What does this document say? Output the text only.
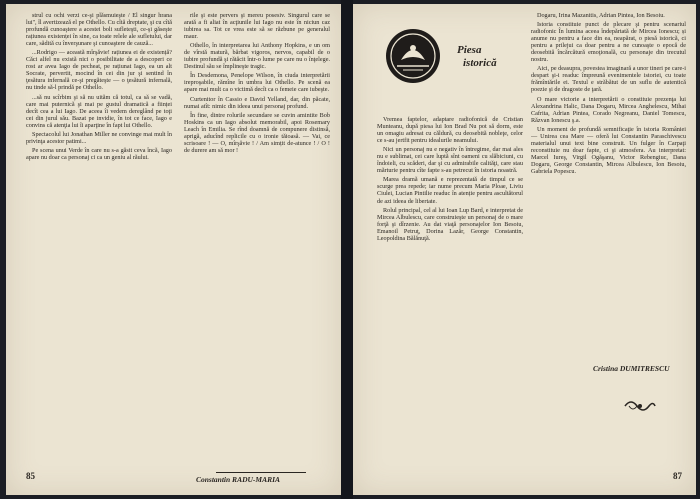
strul cu ochi verzi ce-şi plăsmuieşte / El singur hrana lui", îl avertizează el pe Othello. Cu cîtă dreptate, şi cu cîtă profundă cunoaştere a acestei boli sufleteşti, ce-şi găseşte rațiunea existenței în sine, ca toate relele ale sufletului, dar care, sădită cu înverşunare şi cunoaştere de cauză...

...Rodrigo — această mîrşăvie! rațiunea ei de existență? Căci alfel nu există nici o posibilitate de a descoperi ce rost ar avea Iago de pecheat, pe rațiunat Iago, ea un alt Socrate, pervertit, mocind în cei din jur şi sentind în ţesătura infernală ce-şi pregăteşte — o ţesătură infernală, nu tinde să-l prindă pe Othello.

...să nu scîrbim şi să nu uităm că totul, ca să se vadă, care mai puternică şi mai pe gustul dramatică a ființei decît cea a lui Iago. De aceea îi vedem dereglând pe toţi cei din jurul său. Bazat pe invidie, în tot ce face, Iago e convins că atenţia lui îi aparţine în fapt lui Othello.

Spectacolul lui Jonathan Miller ne convinge mai mult în privinţa acestor patimi...

Pe scena unui Verde în care nu s-a găsit ceva încă, Iago apare nu doar ca personaj ci ca un geniu al răului.

rile şi este pervers şi mereu posesiv. Singurul care se arată a fi aliat în acţiunile lui Iago nu este în niciun caz iubirea sa. Tot ce vrea este să se răzbune pe generalul maur.

Othello, în interpretarea lui Anthony Hopkins, e un om de vîrstă matură, bărbat vigoros, nervos, capabil de o iubire profundă şi rătăcit într-o lume pe care nu o înţelege. Destinul său se împlineşte tragic.

În Desdemona, Penelope Wilson, în ciuda interpretării ireproşabile, rămîne în umbra lui Othello. Pe scenă ea apare mai mult ca o victimă decît ca o femeie care iubeşte.

Curtenitor în Cassio e David Yelland, dar, din păcate, numai atît: nimic din ideea unui personaj profund.

În fine, dintre rolurile secundare se cuvin amintite Bob Hoskins ca un Iago absolut memorabil, apoi Rosemary Leach în Emilia. Se rînd doamnă de compunere distinsă, aprigă, aducînd replicile cu o ironie tăioasă. — Vai, ce scrisoare ! — O, mîrşăvie ! / Am simțit de-atunce ! / O ! de durere am să mor !

Constantin RADU-MARIA
85
Piesa
istorică

Vremea faptelor, adaptare radiofonică de Cristian Munteanu, după piesa lui Ion Brad Nu pot să dorm, este un omagiu adresat cu căldură, cu deosebită nobleţe, celor ce s-au jertfit pentru idealurile neamului.

Nici un personaj nu e negativ în întregime, dar mai ales nu e sublimat, cei care luptă sînt oameni cu slăbiciuni, cu îndoieli, cu scăderi, dar şi cu admirabile calităţi, care stau mărturie pentru cîte fapte s-au petrecut în istoria noastră.

Marea dramă umană e reprezentată de timpul ce se scurge prea repede; iar nume precum Maria Ploae, Liviu Ciulei, Lucian Pintilie readuc în atenție pentru ascultătorul de azi ideea de libertate.

Rolul principal, cel al lui Ioan Lup Bard, e interpretat de Mircea Albulescu, care construieşte un personaj de o mare forţă şi dîrzenie. Au dat viaţă personajelor Ion Besoiu, Emanoil Petruţ, Dorina Lazăr, George Constantin, Leopoldina Bălănuţă.

Dogaru, Irina Mazanitis, Adrian Pintea, Ion Besoiu.

Istoria constituie punct de plecare şi pentru scenariul radiofonic În lumina aceea îndepărtată de Mircea Ionescu; și anume nu pentru a face din ea, neapărat, o piesă istorică, ci pentru a prilejui ca doar pentru a ne cunoaşte o epocă de deosebită încărcătură emoţională, cu personaje din trecutul nostru.

Aici, pe deasupra, povestea imaginară a unor tineri pe care-i despart şi-i readuc împreună evenimentele istoriei, cu toate frămîntările ei. Textul e străbătut de un suflu de autentică poezie şi de dragoste de ţară.

O mare victorie a interpretării o constituie prezenţa lui Alexandrina Halic, Dana Dogaru, Mircea Anghelescu, Mihai Cafrita, Adrian Pintea, Corado Negreanu, Daniel Tomescu, Răzvan Ionescu ş.a.

Un moment de profundă semnificaţie în istoria României — Unirea cea Mare — oferă lui Constantin Paraschivescu materialul unui text bine construit. Un fulger în Carpaţi reconstituie nu doar fapte, ci şi atmosfera. Au interpretat: Marcel Iureş, Virgil Ogăşanu, Victor Rebengiuc, Dana Dogaru, George Constantin, Mircea Albulescu, Ion Besoiu, Gabriela Popescu.

Cristina DUMITRESCU
87
